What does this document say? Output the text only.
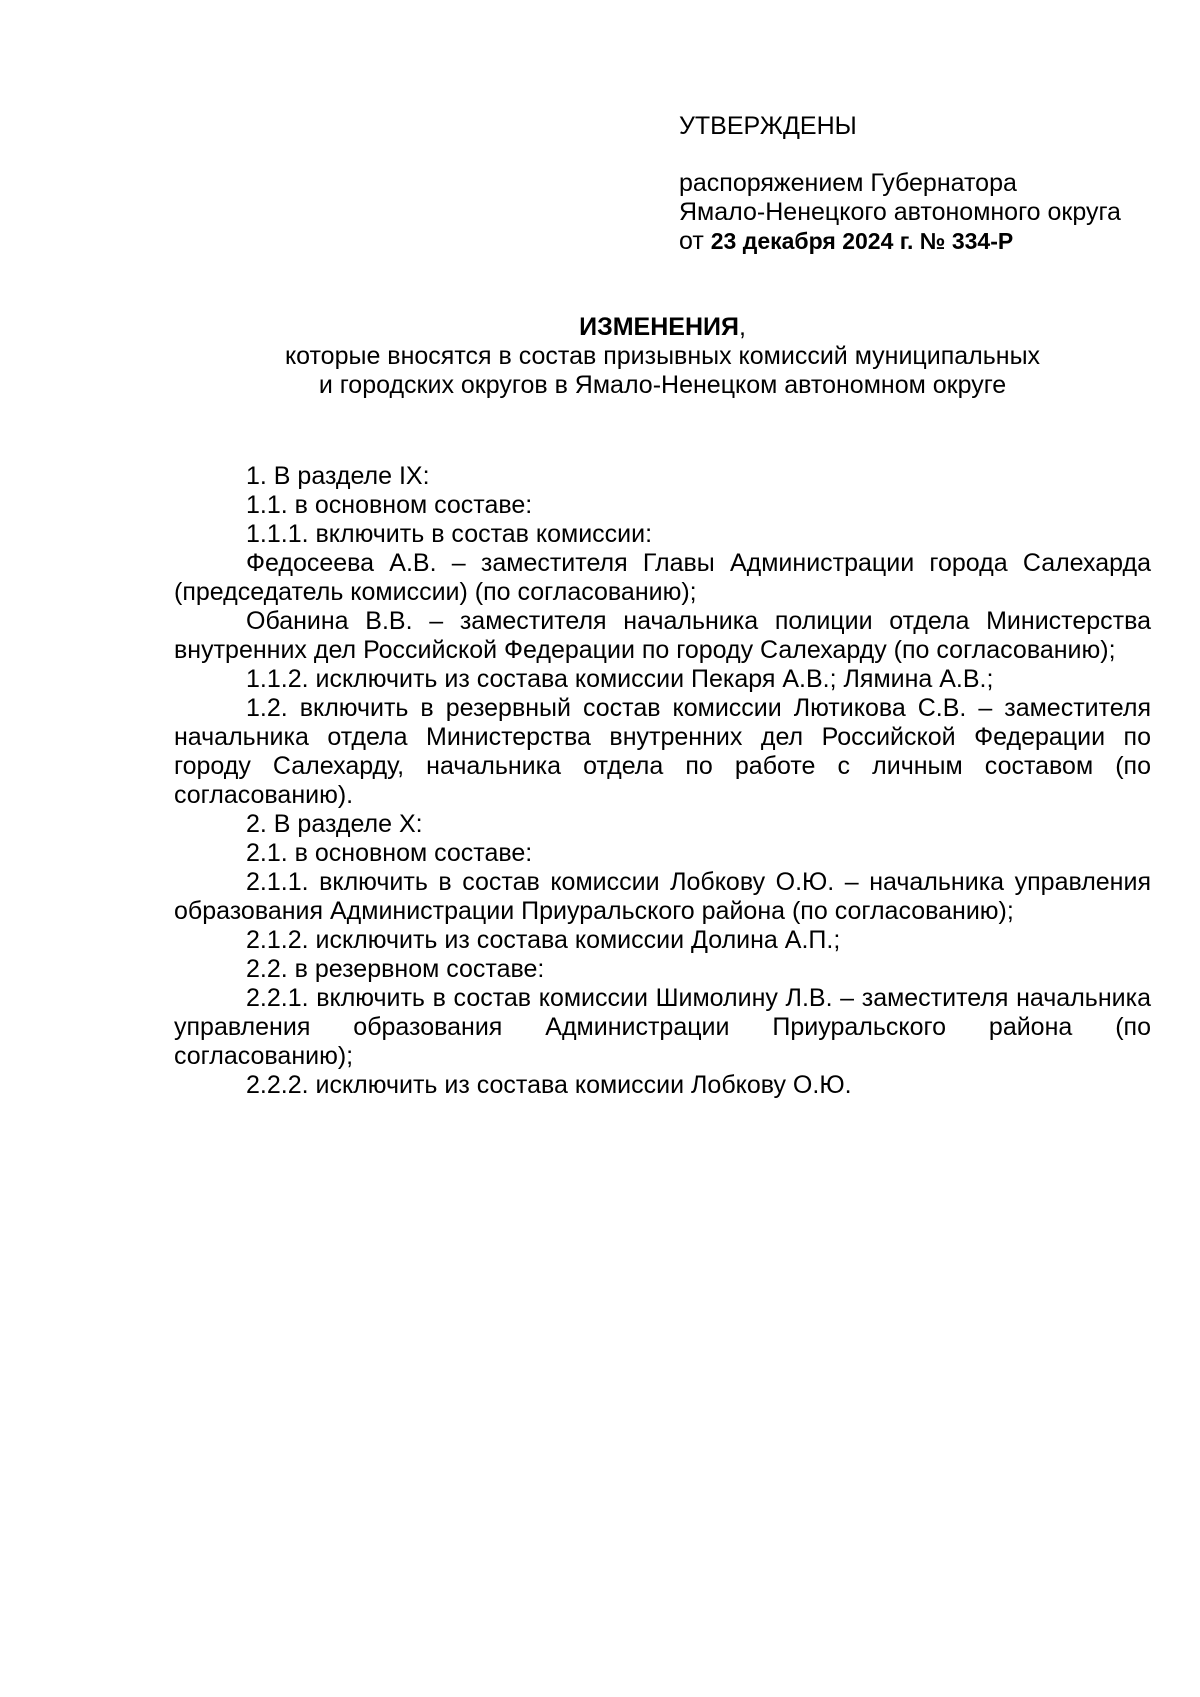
УТВЕРЖДЕНЫ
распоряжением Губернатора
Ямало-Ненецкого автономного округа
от 23 декабря 2024 г. № 334-Р
ИЗМЕНЕНИЯ,
которые вносятся в состав призывных комиссий муниципальных
и городских округов в Ямало-Ненецком автономном округе

1. В разделе IX:

1.1. в основном составе:

1.1.1. включить в состав комиссии:

Федосеева А.В. – заместителя Главы Администрации города Салехарда (председатель комиссии) (по согласованию);

Обанина В.В. – заместителя начальника полиции отдела Министерства внутренних дел Российской Федерации по городу Салехарду (по согласованию);

1.1.2. исключить из состава комиссии Пекаря А.В.; Лямина А.В.;

1.2. включить в резервный состав комиссии Лютикова С.В. – заместителя начальника отдела Министерства внутренних дел Российской Федерации по городу Салехарду, начальника отдела по работе с личным составом (по согласованию).

2. В разделе X:

2.1. в основном составе:

2.1.1. включить в состав комиссии Лобкову О.Ю. – начальника управления образования Администрации Приуральского района (по согласованию);

2.1.2. исключить из состава комиссии Долина А.П.;

2.2. в резервном составе:

2.2.1. включить в состав комиссии Шимолину Л.В. – заместителя начальника управления образования Администрации Приуральского района (по согласованию);

2.2.2. исключить из состава комиссии Лобкову О.Ю.
